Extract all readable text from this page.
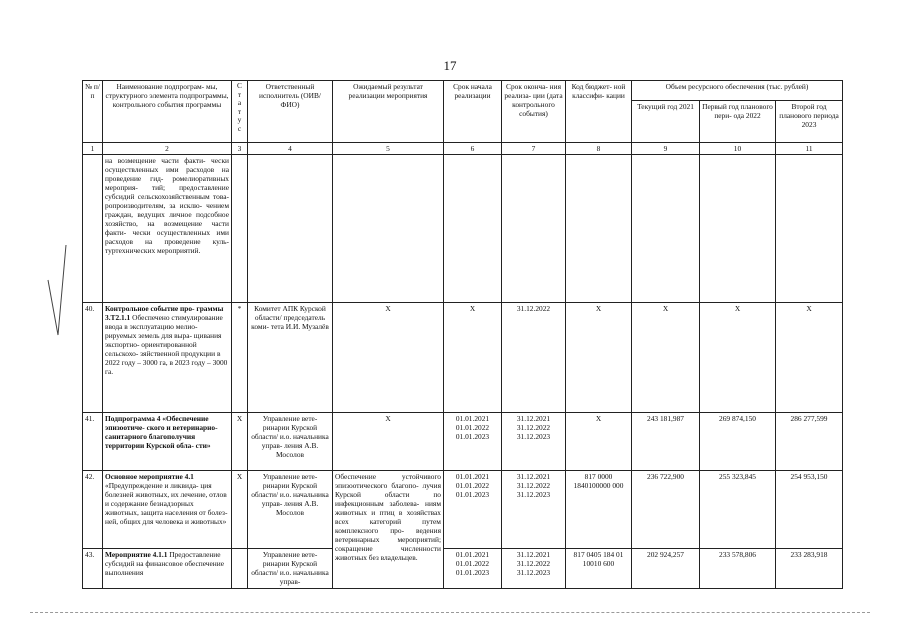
17
№ п/п	Наименование подпрограм- мы, структурного элемента подпрограммы, контрольного события программы	С т а т у с	Ответственный исполнитель (ОИВ/ФИО)	Ожидаемый результат реализации мероприятия	Срок начала реализации	Срок оконча- ния реализа- ции (дата контрольного события)	Код бюджет- ной классифи- кации	Объем ресурсного обеспечения (тыс. рублей)		
								Текущий год 2021	Первый год планового пери- ода 2022	Второй год планового периода 2023
1	2	3	4	5	6	7	8	9	10	11
	на возмещение части факти- чески осуществленных ими расходов на проведение гид- ромелиоративных мероприя- тий; предоставление субсидий сельскохозяйственным това- ропроизводителям, за исклю- чением граждан, ведущих личное подсобное хозяйство, на возмещение части факти- чески осуществленных ими расходов на проведение куль- туртехнических мероприятий.									
40.	Контрольное событие про- граммы 3.Т2.1.1 Обеспечено стимулирование ввода в эксплуатацию мелио- рируемых земель для выра- щивания экспортно- ориентированной сельскохо- зяйственной продукции в 2022 году – 3000 га, в 2023 году – 3000 га.	*	Комитет АПК Курской области/ председатель коми- тета И.И. Музалёв	Х	Х	31.12.2022	Х	Х	Х	Х
41.	Подпрограмма 4 «Обеспечение эпизоотиче- ского и ветеринарно- санитарного благополучия территории Курской обла- сти»	Х	Управление вете- ринарии Курской области/ и.о. начальника управ- ления А.В. Мосолов	Х	01.01.2021 01.01.2022 01.01.2023	31.12.2021 31.12.2022 31.12.2023	Х	243 181,987	269 874,150	286 277,599
42.	Основное мероприятие 4.1 «Предупреждение и ликвида- ция болезней животных, их лечение, отлов и содержание безнадзорных животных, защита населения от болез- ней, общих для человека и животных»	Х	Управление вете- ринарии Курской области/ и.о. начальника управ- ления А.В. Мосолов	Обеспечение устойчивого эпизоотического благопо- лучия Курской области по инфекционным заболева- ниям животных и птиц в хозяйствах всех категорий путем комплексного про- ведения ветеринарных мероприятий; сокращение численности животных без владельцев.	01.01.2021 01.01.2022 01.01.2023	31.12.2021 31.12.2022 31.12.2023	817 0000 1840100000 000	236 722,900	255 323,845	254 953,150
43.	Мероприятие 4.1.1 Предоставление субсидий на финансовое обеспечение выполнения		Управление вете- ринарии Курской области/ и.о. начальника управ-		01.01.2021 01.01.2022 01.01.2023	31.12.2021 31.12.2022 31.12.2023	817 0405 184 01 10010 600	202 924,257	233 578,806	233 283,918
